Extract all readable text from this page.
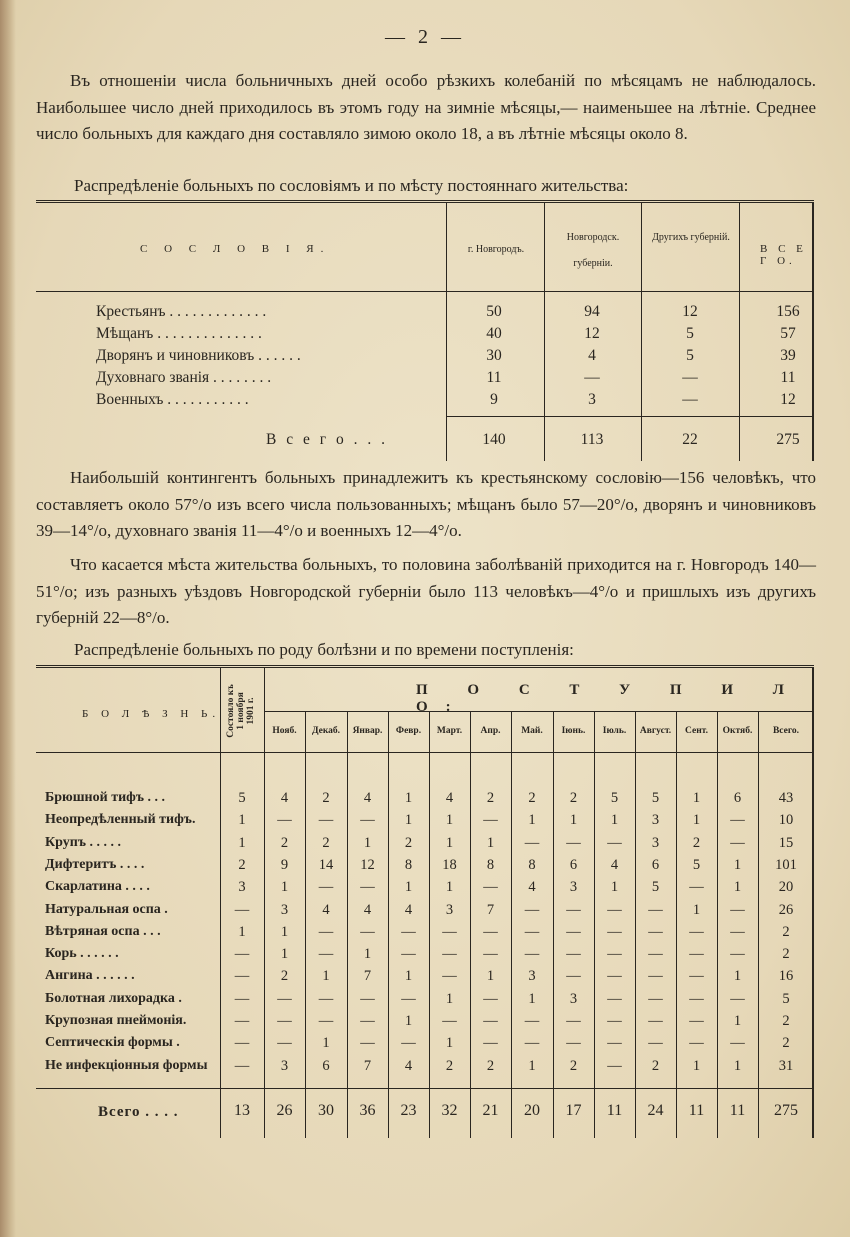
— 2 —
Въ отношеніи числа больничныхъ дней особо рѣзкихъ колебаній по мѣсяцамъ не наблюдалось. Наибольшее число дней приходилось въ этомъ году на зимніе мѣсяцы,— наименьшее на лѣтніе. Среднее число больныхъ для каждаго дня составляло зимою около 18, а въ лѣтніе мѣсяцы около 8.
Распредѣленіе больныхъ по сословіямъ и по мѣсту постояннаго жительства:
С О С Л О В І Я.	г. Новгородъ.
Новгородск. губерніи.
Другихъ губерній.
В С Е Г О.
Крестьянъ . . . . . . . . . . . . .	50	94	12	156
Мѣщанъ . . . . . . . . . . . . . .	40	12	5	57
Дворянъ и чиновниковъ . . . . . .	30	4	5	39
Духовнаго званія . . . . . . . .	11	—	—	11
Военныхъ . . . . . . . . . . .	9	3	—	12
В с е г о . . .	140	113	22	275
Наибольшій контингентъ больныхъ принадлежитъ къ крестьянскому сословію—156 человѣкъ, что составляетъ около 57°/о изъ всего числа пользованныхъ; мѣщанъ было 57—20°/о, дворянъ и чиновниковъ 39—14°/о, духовнаго званія 11—4°/о и военныхъ 12—4°/о.
Что касается мѣста жительства больныхъ, то половина заболѣваній приходится на г. Новгородъ 140—51°/о; изъ разныхъ уѣздовъ Новгородской губерніи было 113 человѣкъ—4°/о и пришлыхъ изъ другихъ губерній 22—8°/о.
Распредѣленіе больныхъ по роду болѣзни и по времени поступленія:
Б О Л Ѣ З Н Ь. Состояло къ
1 ноября
1901 г.
П О С Т У П И Л О:
Нояб.	Декаб.	Январ.	Февр.	Март.	Апр.	Май.	Іюнь.	Іюль.	Август.	Сент.	Октяб.	Всего.
Брюшной тифъ . . .	5	4	2	4	1	4	2	2	2	5	5	1	6	43
Неопредѣленный тифъ.	1	—	—	—	1	1	—	1	1	1	3	1	—	10
Крупъ . . . . .	1	2	2	1	2	1	1	—	—	—	3	2	—	15
Дифтеритъ . . . .	2	9	14	12	8	18	8	8	6	4	6	5	1	101
Скарлатина . . . .	3	1	—	—	1	1	—	4	3	1	5	—	1	20
Натуральная оспа .	—	3	4	4	4	3	7	—	—	—	—	1	—	26
Вѣтряная оспа . . .	1	1	—	—	—	—	—	—	—	—	—	—	—	2
Корь . . . . . .	—	1	—	1	—	—	—	—	—	—	—	—	—	2
Ангина . . . . . .	—	2	1	7	1	—	1	3	—	—	—	—	1	16
Болотная лихорадка .	—	—	—	—	—	1	—	1	3	—	—	—	—	5
Крупозная пнеймонія.	—	—	—	—	1	—	—	—	—	—	—	—	1	2
Септическія формы .	—	—	1	—	—	1	—	—	—	—	—	—	—	2
Не инфекціонныя формы	—	3	6	7	4	2	2	1	2	—	2	1	1	31
Всего . . . .	13	26	30	36	23	32	21	20	17	11	24	11	11	275
